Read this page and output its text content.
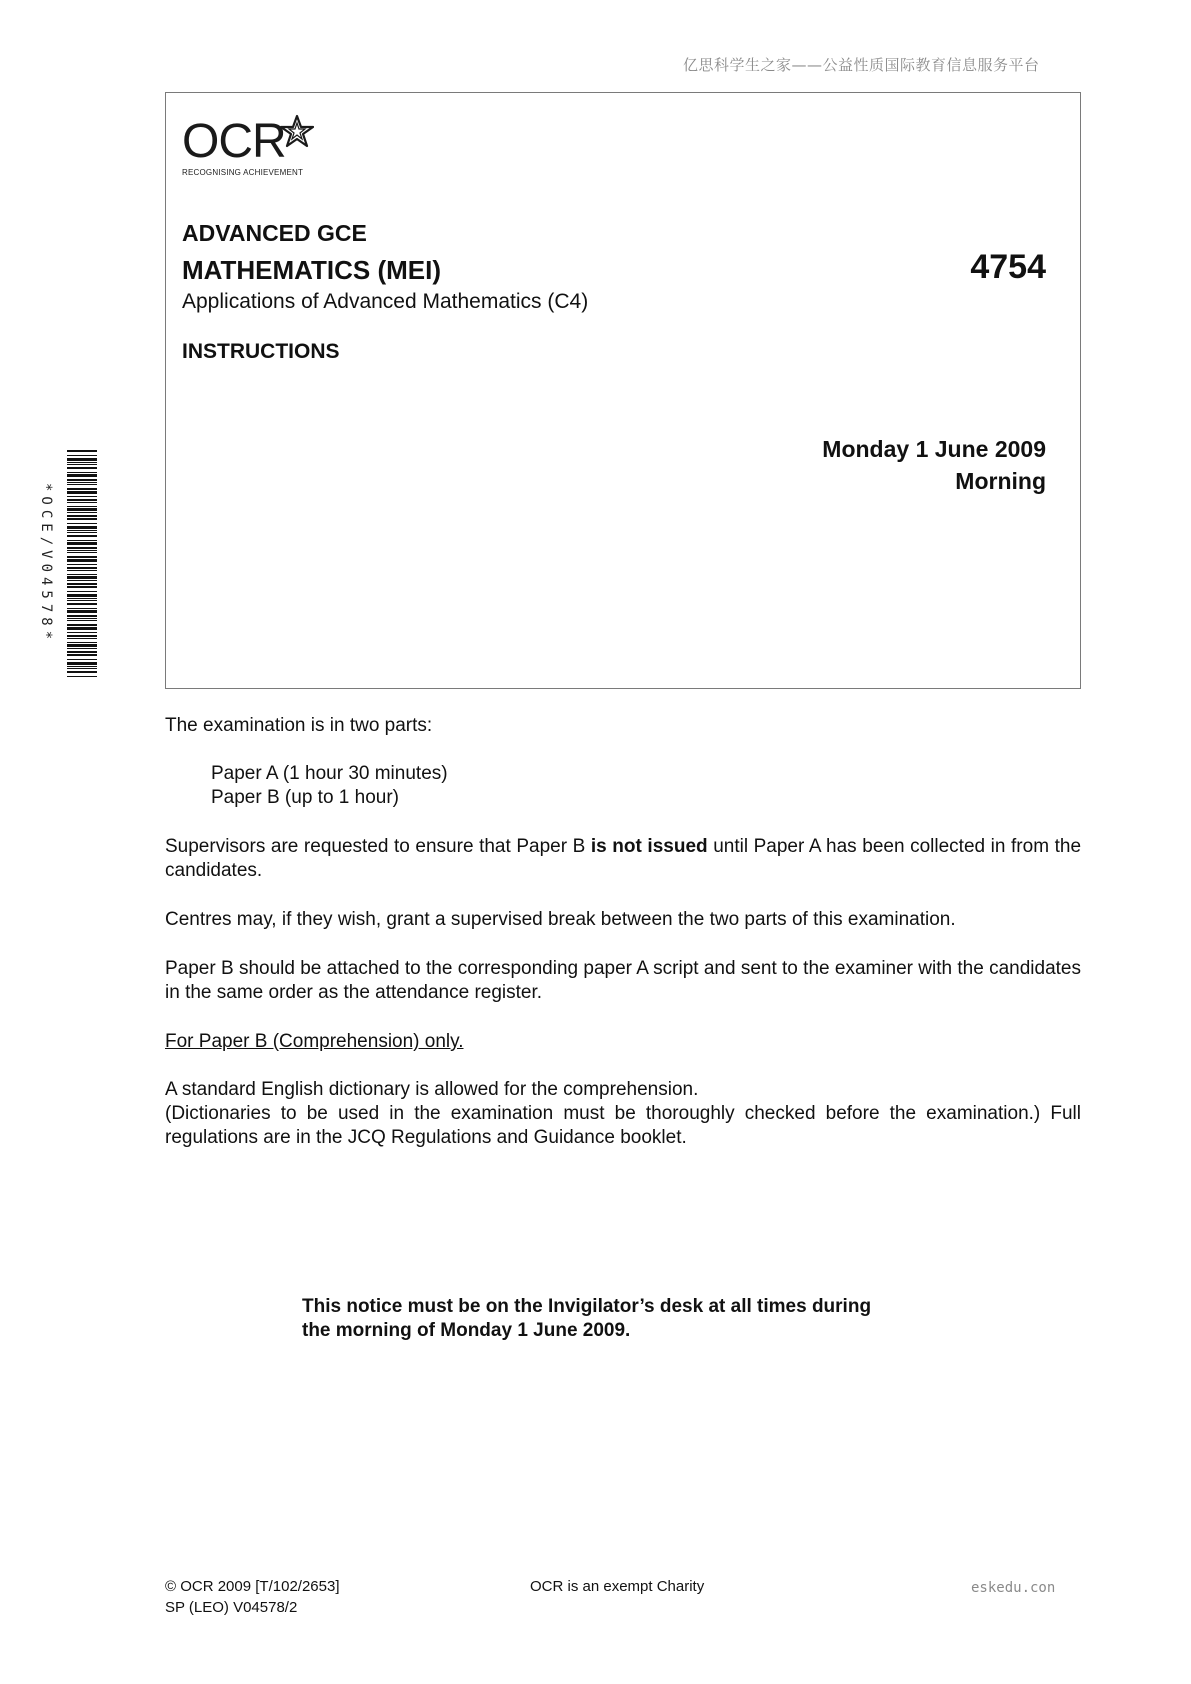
亿思科学生之家——公益性质国际教育信息服务平台
OCR
RECOGNISING ACHIEVEMENT
ADVANCED GCE
MATHEMATICS (MEI)	4754
Applications of Advanced Mathematics (C4)
INSTRUCTIONS
Monday 1 June 2009
Morning
*OCE/V04578*
The examination is in two parts:
Paper A (1 hour 30 minutes)
Paper B (up to 1 hour)
Supervisors are requested to ensure that Paper B is not issued until Paper A has been collected in from the candidates.
Centres may, if they wish, grant a supervised break between the two parts of this examination.
Paper B should be attached to the corresponding paper A script and sent to the examiner with the candidates in the same order as the attendance register.
For Paper B (Comprehension) only.
A standard English dictionary is allowed for the comprehension.
(Dictionaries to be used in the examination must be thoroughly checked before the examination.) Full regulations are in the JCQ Regulations and Guidance booklet.
This notice must be on the Invigilator’s desk at all times during
the morning of Monday 1 June 2009.
© OCR 2009 [T/102/2653]
SP (LEO) V04578/2
OCR is an exempt Charity	eskedu.con
